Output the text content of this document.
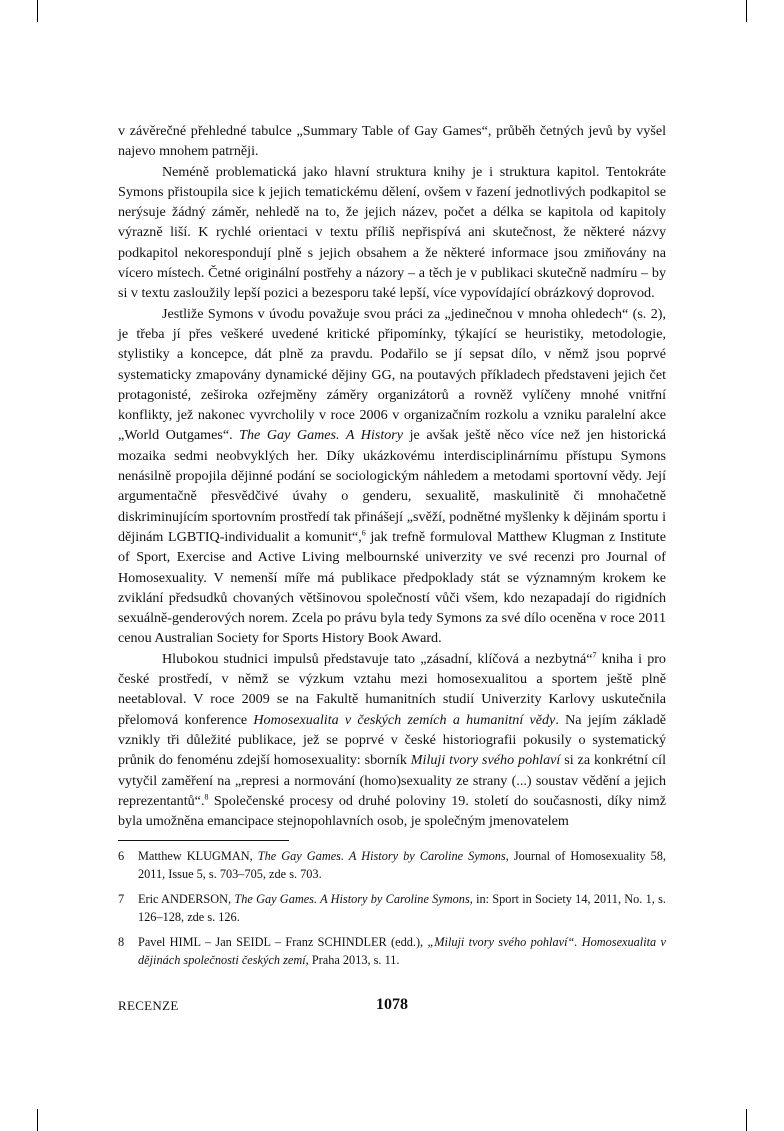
v závěrečné přehledné tabulce „Summary Table of Gay Games“, průběh četných jevů by vyšel najevo mnohem patrněji.

Neméně problematická jako hlavní struktura knihy je i struktura kapitol. Tentokráte Symons přistoupila sice k jejich tematickému dělení, ovšem v řazení jednotlivých podkapitol se nerýsuje žádný záměr, nehledě na to, že jejich název, počet a délka se kapitola od kapitoly výrazně liší. K rychlé orientaci v textu příliš nepřispívá ani skutečnost, že některé názvy podkapitol nekorespondují plně s jejich obsahem a že některé informace jsou zmiňovány na vícero místech. Četné originální postřehy a názory – a těch je v publikaci skutečně nadmíru – by si v textu zasloužily lepší pozici a bezesporu také lepší, více vypovídající obrázkový doprovod.

Jestliže Symons v úvodu považuje svou práci za „jedinečnou v mnoha ohledech“ (s. 2), je třeba jí přes veškeré uvedené kritické připomínky, týkající se heuristiky, metodologie, stylistiky a koncepce, dát plně za pravdu. Podařilo se jí sepsat dílo, v němž jsou poprvé systematicky zmapovány dynamické dějiny GG, na poutavých příkladech představeni jejich čet protagonisté, zeširoka ozřejměny záměry organizátorů a rovněž vylíčeny mnohé vnitřní konflikty, jež nakonec vyvrcholily v roce 2006 v organizačním rozkolu a vzniku paralelní akce „World Outgames“. The Gay Games. A History je avšak ještě něco více než jen historická mozaika sedmi neobvyklých her. Díky ukázkovému interdisciplinárnímu přístupu Symons nenásilně propojila dějinné podání se sociologickým náhledem a metodami sportovní vědy. Její argumentačně přesvědčivé úvahy o genderu, sexualitě, maskulinitě či mnohačetně diskriminujícím sportovním prostředí tak přinášejí „svěží, podnětné myšlenky k dějinám sportu i dějinám LGBTIQ-individualit a komunit“,$^6$ jak trefně formuloval Matthew Klugman z Institute of Sport, Exercise and Active Living melbournské univerzity ve své recenzi pro Journal of Homosexuality. V nemenší míře má publikace předpoklady stát se významným krokem ke zviklání předsudků chovaných většinovou společností vůči všem, kdo nezapadají do rigidních sexuálně-genderových norem. Zcela po právu byla tedy Symons za své dílo oceněna v roce 2011 cenou Australian Society for Sports History Book Award.

Hlubokou studnici impulsů představuje tato „zásadní, klíčová a nezbytná“$^7$ kniha i pro české prostředí, v němž se výzkum vztahu mezi homosexualitou a sportem ještě plně neetabloval. V roce 2009 se na Fakultě humanitních studií Univerzity Karlovy uskutečnila přelomová konference Homosexualita v českých zemích a humanitní vědy. Na jejím základě vznikly tři důležité publikace, jež se poprvé v české historiografii pokusily o systematický průnik do fenoménu zdejší homosexuality: sborník Miluji tvory svého pohlaví si za konkrétní cíl vytyčil zaměření na „represi a normování (homo)sexuality ze strany (...) soustav vědění a jejich reprezentantů“.$^8$ Společenské procesy od druhé poloviny 19. století do současnosti, díky nimž byla umožněna emancipace stejnopohlavních osob, je společným jmenovatelem

6	Matthew KLUGMAN, The Gay Games. A History by Caroline Symons, Journal of Homosexuality 58, 2011, Issue 5, s. 703–705, zde s. 703.
7	Eric ANDERSON, The Gay Games. A History by Caroline Symons, in: Sport in Society 14, 2011, No. 1, s. 126–128, zde s. 126.
8	Pavel HIML – Jan SEIDL – Franz SCHINDLER (edd.), „Miluji tvory svého pohlaví“. Homosexualita v dějinách společnosti českých zemí, Praha 2013, s. 11.
RECENZE	1078
